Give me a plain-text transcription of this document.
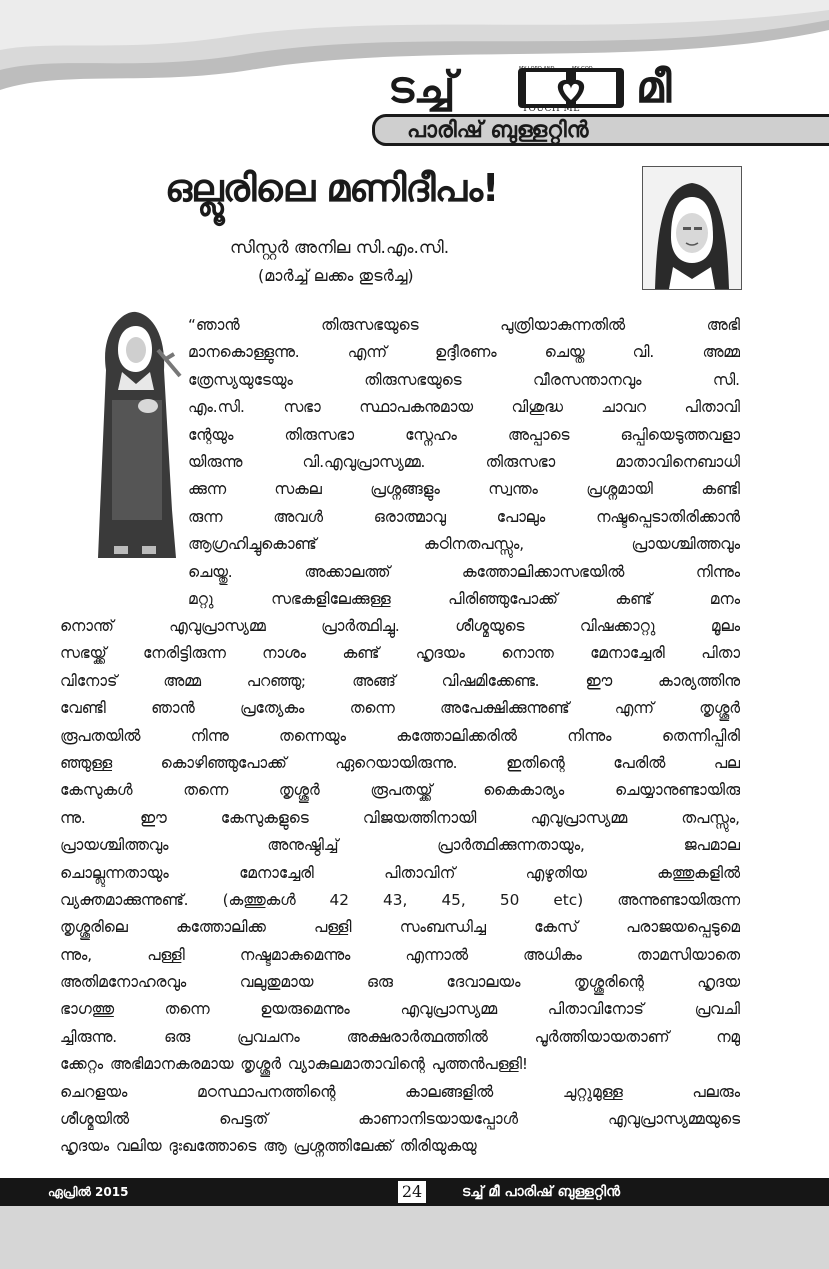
ടച്ച്	മീ
MY LORD AND	MY GOD
TOUCH ME
പാരിഷ് ബുള്ളറ്റിൻ
ഒല്ലൂരിലെ മണിദീപം!
സിസ്റ്റർ അനില സി.എം.സി.
(മാർച്ച് ലക്കം തുടർച്ച)
“ഞാൻ തിരുസഭയുടെ പുത്രിയാകുന്നതിൽ അഭി
മാനകൊള്ളുന്നു. എന്ന് ഉദ്ദീരണം ചെയ്ത വി. അമ്മ
ത്രേസ്യയുടേയും തിരുസഭയുടെ വീരസന്താനവും സി.
എം.സി. സഭാ സ്ഥാപകനുമായ വിശുദ്ധ ചാവറ പിതാവി
ന്റേയും തിരുസഭാ സ്നേഹം അപ്പാടെ ഒപ്പിയെടുത്തവളാ
യിരുന്നു വി.എവുപ്രാസ്യമ്മ. തിരുസഭാ മാതാവിനെബാധി
ക്കുന്ന സകല പ്രശ്നങ്ങളും സ്വന്തം പ്രശ്നമായി കണ്ടി
രുന്ന അവൾ ഒരാത്മാവു പോലും നഷ്ടപ്പെടാതിരിക്കാൻ
ആഗ്രഹിച്ചുകൊണ്ട് കഠിനതപസ്സും, പ്രായശ്ചിത്തവും
ചെയ്തു. അക്കാലത്ത് കത്തോലിക്കാസഭയിൽ നിന്നും
മറ്റു സഭകളിലേക്കുള്ള പിരിഞ്ഞുപോക്ക് കണ്ട് മനം
നൊന്ത് എവുപ്രാസ്യമ്മ പ്രാർത്ഥിച്ചു. ശീശ്മയുടെ വിഷക്കാറ്റു മൂലം
സഭയ്ക്ക് നേരിട്ടിരുന്ന നാശം കണ്ട് ഹൃദയം നൊന്ത മേനാച്ചേരി പിതാ
വിനോട് അമ്മ പറഞ്ഞു; അങ്ങ് വിഷമിക്കേണ്ട. ഈ കാര്യത്തിനു
വേണ്ടി ഞാൻ പ്രത്യേകം തന്നെ അപേക്ഷിക്കുന്നുണ്ട് എന്ന് തൃശ്ശൂർ
രൂപതയിൽ നിന്നു തന്നെയും കത്തോലിക്കരിൽ നിന്നും തെന്നിപ്പിരി
ഞ്ഞുള്ള കൊഴിഞ്ഞുപോക്ക് ഏറെയായിരുന്നു. ഇതിന്റെ പേരിൽ പല
കേസുകൾ തന്നെ തൃശ്ശൂർ രൂപതയ്ക്ക് കൈകാര്യം ചെയ്യാനുണ്ടായിരു
ന്നു. ഈ കേസുകളുടെ വിജയത്തിനായി എവുപ്രാസ്യമ്മ തപസ്സും,
പ്രായശ്ചിത്തവും അനുഷ്ഠിച്ച് പ്രാർത്ഥിക്കുന്നതായും, ജപമാല
ചൊല്ലുന്നതായും മേനാച്ചേരി പിതാവിന് എഴുതിയ കത്തുകളിൽ
വ്യക്തമാക്കുന്നുണ്ട്. (കത്തുകൾ 42 43, 45, 50 etc) അന്നുണ്ടായിരുന്ന
തൃശ്ശൂരിലെ കത്തോലിക്ക പള്ളി സംബന്ധിച്ച കേസ് പരാജയപ്പെടുമെ
ന്നും, പള്ളി നഷ്ടമാകുമെന്നും എന്നാൽ അധികം താമസിയാതെ
അതിമനോഹരവും വലുതുമായ ഒരു ദേവാലയം തൃശ്ശൂരിന്റെ ഹൃദയ
ഭാഗത്തു തന്നെ ഉയരുമെന്നും എവുപ്രാസ്യമ്മ പിതാവിനോട് പ്രവചി
ച്ചിരുന്നു. ഒരു പ്രവചനം അക്ഷരാർത്ഥത്തിൽ പൂർത്തിയായതാണ് നമു
ക്കേറ്റം അഭിമാനകരമായ തൃശ്ശൂർ വ്യാകുലമാതാവിന്റെ പുത്തൻപള്ളി!
ചെറളയം മഠസ്ഥാപനത്തിന്റെ കാലങ്ങളിൽ ചുറ്റുമുള്ള പലരും
ശീശ്മയിൽ പെട്ടത് കാണാനിടയായപ്പോൾ എവുപ്രാസ്യമ്മയുടെ
ഹൃദയം വലിയ ദുഃഖത്തോടെ ആ പ്രശ്നത്തിലേക്ക് തിരിയുകയു
ഏപ്രിൽ 2015	24	ടച്ച് മീ പാരിഷ് ബുള്ളറ്റിൻ
